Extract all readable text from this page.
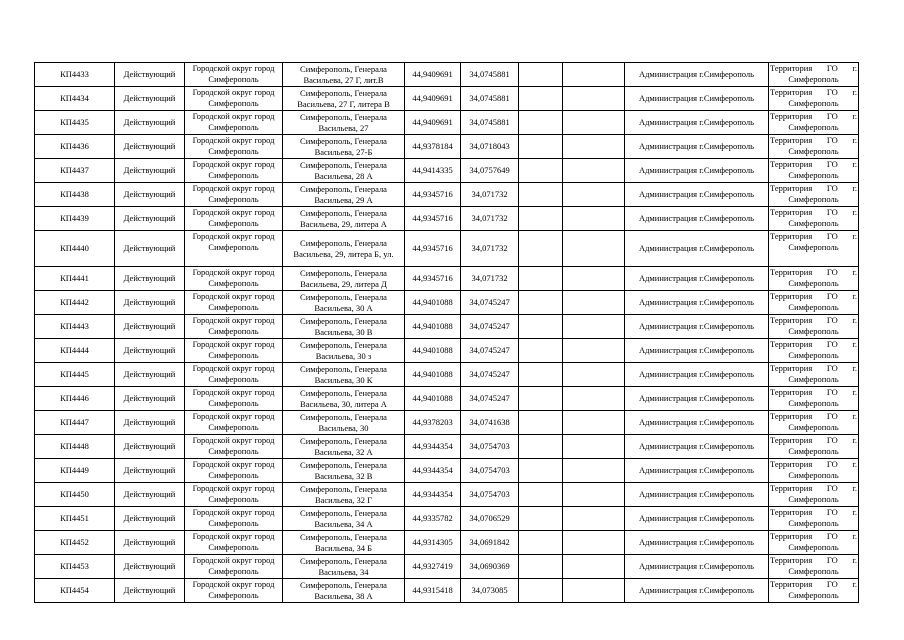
КП4433	Действующий	Городской округ город Симферополь	Симферополь, Генерала Васильева, 27 Г, лит.В	44,9409691	34,0745881			Администрация г.Симферополь	Территория ГО г. Симферополь
КП4434	Действующий	Городской округ город Симферополь	Симферополь, Генерала Васильева, 27 Г, литера В	44,9409691	34,0745881			Администрация г.Симферополь	Территория ГО г. Симферополь
КП4435	Действующий	Городской округ город Симферополь	Симферополь, Генерала Васильева, 27	44,9409691	34,0745881			Администрация г.Симферополь	Территория ГО г. Симферополь
КП4436	Действующий	Городской округ город Симферополь	Симферополь, Генерала Васильева, 27-Б	44,9378184	34,0718043			Администрация г.Симферополь	Территория ГО г. Симферополь
КП4437	Действующий	Городской округ город Симферополь	Симферополь, Генерала Васильева, 28 А	44,9414335	34,0757649			Администрация г.Симферополь	Территория ГО г. Симферополь
КП4438	Действующий	Городской округ город Симферополь	Симферополь, Генерала Васильева, 29 А	44,9345716	34,071732			Администрация г.Симферополь	Территория ГО г. Симферополь
КП4439	Действующий	Городской округ город Симферополь	Симферополь, Генерала Васильева, 29, литера А	44,9345716	34,071732			Администрация г.Симферополь	Территория ГО г. Симферополь
КП4440	Действующий	Городской округ город Симферополь	Симферополь, Генерала Васильева, 29, литера Б, ул.	44,9345716	34,071732			Администрация г.Симферополь	Территория ГО г. Симферополь
КП4441	Действующий	Городской округ город Симферополь	Симферополь, Генерала Васильева, 29, литера Д	44,9345716	34,071732			Администрация г.Симферополь	Территория ГО г. Симферополь
КП4442	Действующий	Городской округ город Симферополь	Симферополь, Генерала Васильева, 30 А	44,9401088	34,0745247			Администрация г.Симферополь	Территория ГО г. Симферополь
КП4443	Действующий	Городской округ город Симферополь	Симферополь, Генерала Васильева, 30 В	44,9401088	34,0745247			Администрация г.Симферополь	Территория ГО г. Симферополь
КП4444	Действующий	Городской округ город Симферополь	Симферополь, Генерала Васильева, 30 з	44,9401088	34,0745247			Администрация г.Симферополь	Территория ГО г. Симферополь
КП4445	Действующий	Городской округ город Симферополь	Симферополь, Генерала Васильева, 30 К	44,9401088	34,0745247			Администрация г.Симферополь	Территория ГО г. Симферополь
КП4446	Действующий	Городской округ город Симферополь	Симферополь, Генерала Васильева, 30, литера А	44,9401088	34,0745247			Администрация г.Симферополь	Территория ГО г. Симферополь
КП4447	Действующий	Городской округ город Симферополь	Симферополь, Генерала Васильева, 30	44,9378203	34,0741638			Администрация г.Симферополь	Территория ГО г. Симферополь
КП4448	Действующий	Городской округ город Симферополь	Симферополь, Генерала Васильева, 32 А	44,9344354	34,0754703			Администрация г.Симферополь	Территория ГО г. Симферополь
КП4449	Действующий	Городской округ город Симферополь	Симферополь, Генерала Васильева, 32 В	44,9344354	34,0754703			Администрация г.Симферополь	Территория ГО г. Симферополь
КП4450	Действующий	Городской округ город Симферополь	Симферополь, Генерала Васильева, 32 Г	44,9344354	34,0754703			Администрация г.Симферополь	Территория ГО г. Симферополь
КП4451	Действующий	Городской округ город Симферополь	Симферополь, Генерала Васильева, 34 А	44,9335782	34,0706529			Администрация г.Симферополь	Территория ГО г. Симферополь
КП4452	Действующий	Городской округ город Симферополь	Симферополь, Генерала Васильева, 34 Б	44,9314305	34,0691842			Администрация г.Симферополь	Территория ГО г. Симферополь
КП4453	Действующий	Городской округ город Симферополь	Симферополь, Генерала Васильева, 34	44,9327419	34,0690369			Администрация г.Симферополь	Территория ГО г. Симферополь
КП4454	Действующий	Городской округ город Симферополь	Симферополь, Генерала Васильева, 38 А	44,9315418	34,073085			Администрация г.Симферополь	Территория ГО г. Симферополь
